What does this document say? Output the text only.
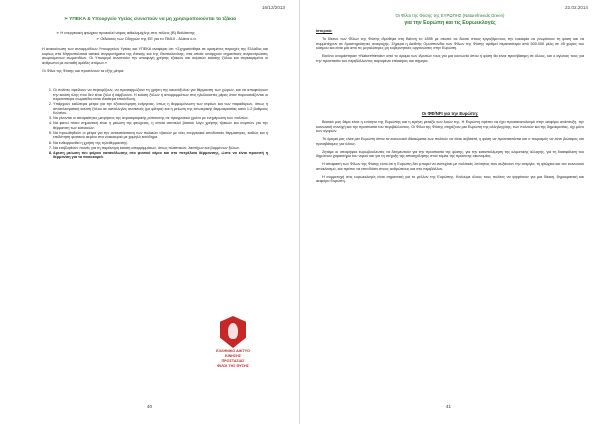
16/12/2013
➢ ΥΠΕΚΑ & Υπουργείο Υγείας συνιστούν να μη χρησιμοποιούνται τα τζάκια
➢ Η ενεργειακή φτώχεια προκαλεί νέφος αιθαλομίχλης στις πόλεις (Β) Βαλάσσης
➢ Οιδείκτες των Οδηγιών της ΕΕ για το ΠΜ10 - Αλάνα κ.α.

Η ανακοίνωση των συναρμόδιων Υπουργείων Υγείας και ΥΠΕΚΑ αναφέρει ότι: «Σχηματίσθηκε σε ορισμένες περιοχές της Ελλάδος και κυρίως στα Μητροπολιτικά αστικά συγκροτήματα της Αττικής και της Θεσσαλονίκης, στα οποία υπάρχουν σημαντικές συγκεντρώσεις αιωρούμενων σωματιδίων. Οι Υπουργοί συνιστούν την αποφυγή χρήσης τζακιών και σομπών καύσης ξύλου και συγκεκριμένα οι άνθρωποι με ευπαθή ομάδες ατόμων.»

Οι Φίλοι της Φύσης και προτείνουν τα εξής μέτρα:

1. Οι πολίτες οφείλουν να περιορίζουν, να προσαρμόζουν τη χρήση της καυσόξυλου για θέρμανση των χώρων, και να αποφεύγουν την καύση ύλης που δεν είναι ξύλο ή κάρβουνο. Η καύση ξύλων ή απορριμμάτων στις ηλιόλουστες μέρες όταν παρουσιάζονται οι περισσότερα σωματίδια είναι ιδιαίτερα επικίνδυνη.
2. Υπάρχουν καλύτερα μέτρα για την εξοικονόμηση ενέργειας, όπως η θερμομόνωση των κτιρίων και των παραθύρων, όπως η αποτελεσματική καύση ξύλου σε κατάλληλες συσκευές (με φίλτρα) και η μείωση της εσωτερικής θερμοκρασίας κατά 1-2 βαθμούς Κελσίου.
3. Να γίνονται οι απαραίτητες μετρήσεις της ατμοσφαιρικής ρύπανσης σε πραγματικό χρόνο με ενημέρωση των πολιτών.
4. Να φανεί πόσο σημαντική είναι η μείωση της φτώχειας, η οποία αποτελεί βασικό λόγο χρήσης τζακιών και σομπών για την θέρμανση των κατοικιών.
5. Να προωθηθούν οι μέτρα για την αντικατάσταση των παλαιών τζακιών με νέες ενεργειακά αποδοτικές θερμαστρες, καθώς και η επιδότηση φυσικού αερίου στα νοικοκυριά με χαμηλό εισόδημα.
6. Να ενθαρρυνθεί η χρήση της τηλεθέρμανσης.
7. Να επιβληθούν ποινές για τη παράνομη καύση απορριμμάτων, όπως πλαστικών, λαστίχων και βαμμένων ξύλων.
8. Αμεση μείωση του φόρου κατανάλωσης στο φυσικό αέριο και στο πετρέλαιο θέρμανσης, ώστε να είναι προσιτή η θέρμανση για τα νοικοκυριά.
ΕΛΛΗΝΙΚΟ ΔΙΚΤΥΟ
ΚΙΝΗΣΗΣ ΠΡΟΣΤΑΣΙΑΣ
ΦΙΛΟΙ ΤΗΣ ΦΥΣΗΣ
40
22.02.2014
Οι Φίλοι της Φύσης της ΕΥΡΩΠΗΣ (Naturefriends Green)
για την Ευρώπη και τις Ευρωεκλογές

Ιστορικό:

Το δίκτυο των Φίλων της Φύσης ιδρύθηκε στη Βιέννη το 1895 με σκοπό να δώσει στους εργαζόμενους την ευκαιρία να γνωρίσουν τη φύση και να συμμετέχουν σε δραστηριότητες αναψυχής. Σήμερα η Διεθνής Ομοσπονδία των Φίλων της Φύσης αριθμεί περισσότερα από 500.000 μέλη σε 45 χώρες του κόσμου και είναι μία από τις μεγαλύτερες μη κυβερνητικές οργανώσεις στην Ευρώπη.

Εκείνοι ονομάστηκαν «Naturefriends» από το όραμα των ιδρυτών τους για μια κοινωνία όπου η φύση θα είναι προσβάσιμη σε όλους, και ο αγώνας τους για την προστασία του περιβάλλοντος παραμένει επίκαιρος και σήμερα.

Οι ΦΦ/NFI για την Ευρώπη:

Βασικό μας θέμα είναι η ενότητα της Ευρώπης και η ειρήνη μεταξύ των λαών της. Η Ευρώπη πρέπει να έχει προσανατολισμό στην αειφόρο ανάπτυξη, την κοινωνική συνοχή και την προστασία του περιβάλλοντος. Οι Φίλοι της Φύσης στηρίζουν μια Ευρώπη της αλληλεγγύης, των πολιτών και της δημοκρατίας, όχι μόνο των αγορών.

Το όραμά μας είναι μια Ευρώπη όπου τα κοινωνικά δικαιώματα των πολιτών να είναι σεβαστά, η φύση να προστατεύεται και ο τουρισμός να είναι βιώσιμος και προσβάσιμος για όλους.

Ζητάμε οι υποψήφιοι ευρωβουλευτές να δεσμευτούν για την προστασία της φύσης, για την καταπολέμηση της κλιματικής αλλαγής, για τη διασφάλιση του δημόσιου χαρακτήρα του νερού και για τη στήριξη της απασχόλησης στον τομέα της πράσινης οικονομίας.

Η αποφασή των Φίλων της Φύσης είναι ότι η Ευρώπη δεν μπορεί να συνεχίσει με πολιτικές λιτότητας που αυξάνουν την ανεργία, τη φτώχεια και τον κοινωνικό αποκλεισμό, και πρέπει να επενδύσει στους ανθρώπους και στο περιβάλλον.

Η συμμετοχή στις ευρωεκλογές είναι σημαντική για το μέλλον της Ευρώπης. Καλούμε όλους τους πολίτες να ψηφίσουν για μια δίκαιη, δημοκρατική και αειφόρο Ευρώπη.

41
